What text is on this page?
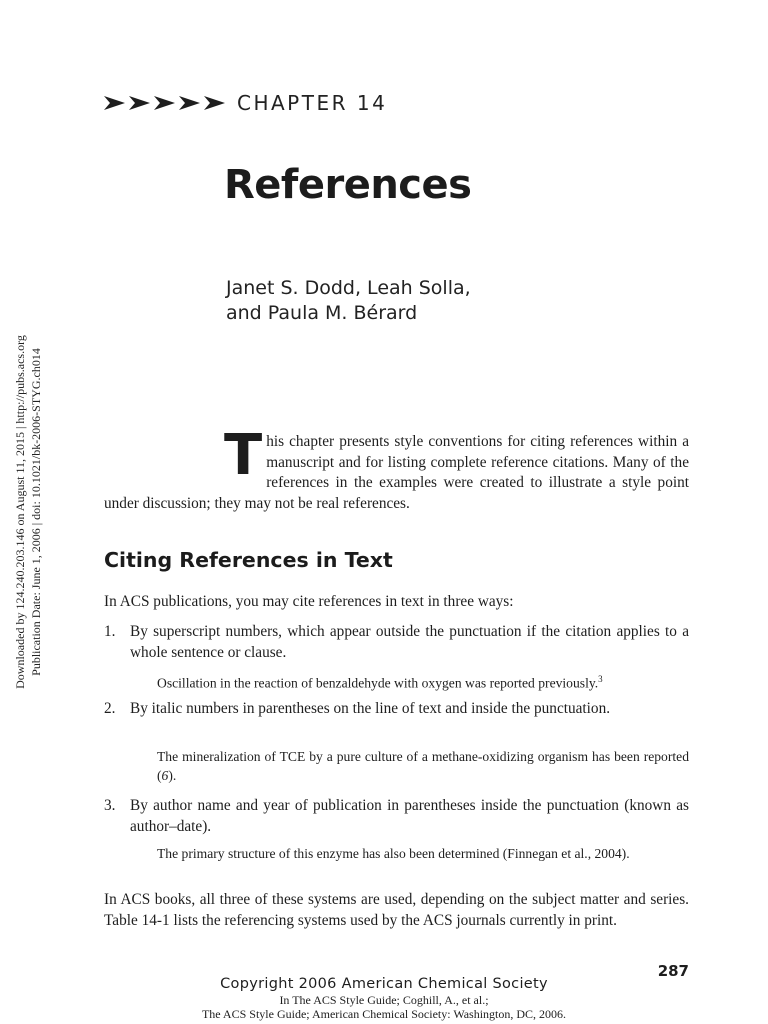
CHAPTER 14
References
Janet S. Dodd, Leah Solla,
and Paula M. Bérard
Downloaded by 124.240.203.146 on August 11, 2015 | http://pubs.acs.org Publication Date: June 1, 2006 | doi: 10.1021/bk-2006-STYG.ch014	T his chapter presents style conventions for citing references within a manuscript and for listing complete reference citations. Many of the references in the examples were created to illustrate a style point under discussion; they may not be real references.
Citing References in Text
In ACS publications, you may cite references in text in three ways:
1. By superscript numbers, which appear outside the punctuation if the citation applies to a whole sentence or clause.
Oscillation in the reaction of benzaldehyde with oxygen was reported previously.$^3$
2. By italic numbers in parentheses on the line of text and inside the punctuation.
The mineralization of TCE by a pure culture of a methane-oxidizing organism has been reported (6).
3. By author name and year of publication in parentheses inside the punctuation (known as author–date).
The primary structure of this enzyme has also been determined (Finnegan et al., 2004).
In ACS books, all three of these systems are used, depending on the subject matter and series. Table 14-1 lists the referencing systems used by the ACS journals currently in print.
287
Copyright 2006 American Chemical Society
In The ACS Style Guide; Coghill, A., et al.;
The ACS Style Guide; American Chemical Society: Washington, DC, 2006.
